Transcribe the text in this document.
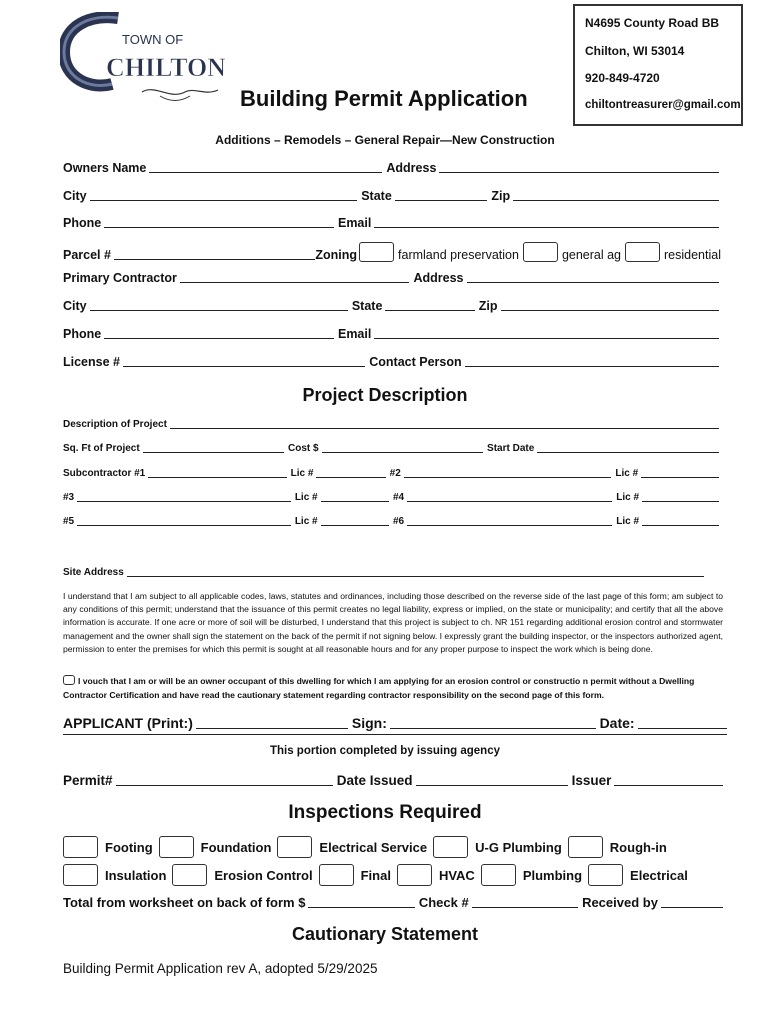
TOWN OF
CHILTON
N4695 County Road BB
Chilton, WI 53014
920-849-4720
chiltontreasurer@gmail.com
Building Permit Application
Additions – Remodels – General Repair—New Construction
Owners Name	Address
City	State	Zip
Phone	Email
Parcel #	Zoning	farmland preservation	general ag	residential
Primary Contractor	Address
City	State	Zip
Phone	Email
License #	Contact Person
Project Description
Description of Project
Sq. Ft of Project	Cost $	Start Date
Subcontractor #1	Lic #	#2	Lic #
#3	Lic #	#4	Lic #
#5	Lic #	#6	Lic #
Site Address
I understand that I am subject to all applicable codes, laws, statutes and ordinances, including those described on the reverse side of the last page of this form; am subject to any conditions of this permit; understand that the issuance of this permit creates no legal liability, express or implied, on the state or municipality; and certify that all the above information is accurate. If one acre or more of soil will be disturbed, I understand that this project is subject to ch. NR 151 regarding additional erosion control and stormwater management and the owner shall sign the statement on the back of the permit if not signing below. I expressly grant the building inspector, or the inspectors authorized agent, permission to enter the premises for which this permit is sought at all reasonable hours and for any proper purpose to inspect the work which is being done.
I vouch that I am or will be an owner occupant of this dwelling for which I am applying for an erosion control or constructio n permit without a Dwelling Contractor Certification and have read the cautionary statement regarding contractor responsibility on the second page of this form.
APPLICANT (Print:)	Sign:	Date:
This portion completed by issuing agency
Permit#	Date Issued	Issuer
Inspections Required
Footing	Foundation	Electrical Service	U-G Plumbing	Rough-in
Insulation	Erosion Control	Final	HVAC	Plumbing	Electrical
Total from worksheet on back of form $	Check #	Received by
Cautionary Statement
Building Permit Application rev A, adopted 5/29/2025
